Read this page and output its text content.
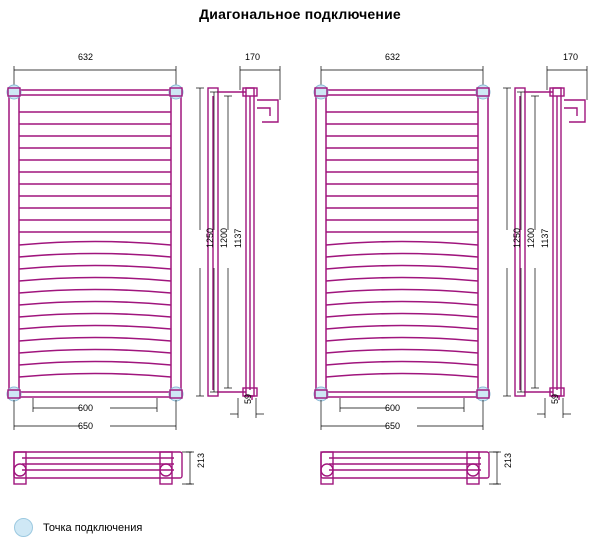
Диагональное подключение
632	170	632	170
1250 1200 1137	1250 1200 1137
600
650
600
650
59	59
213	213
Точка подключения
